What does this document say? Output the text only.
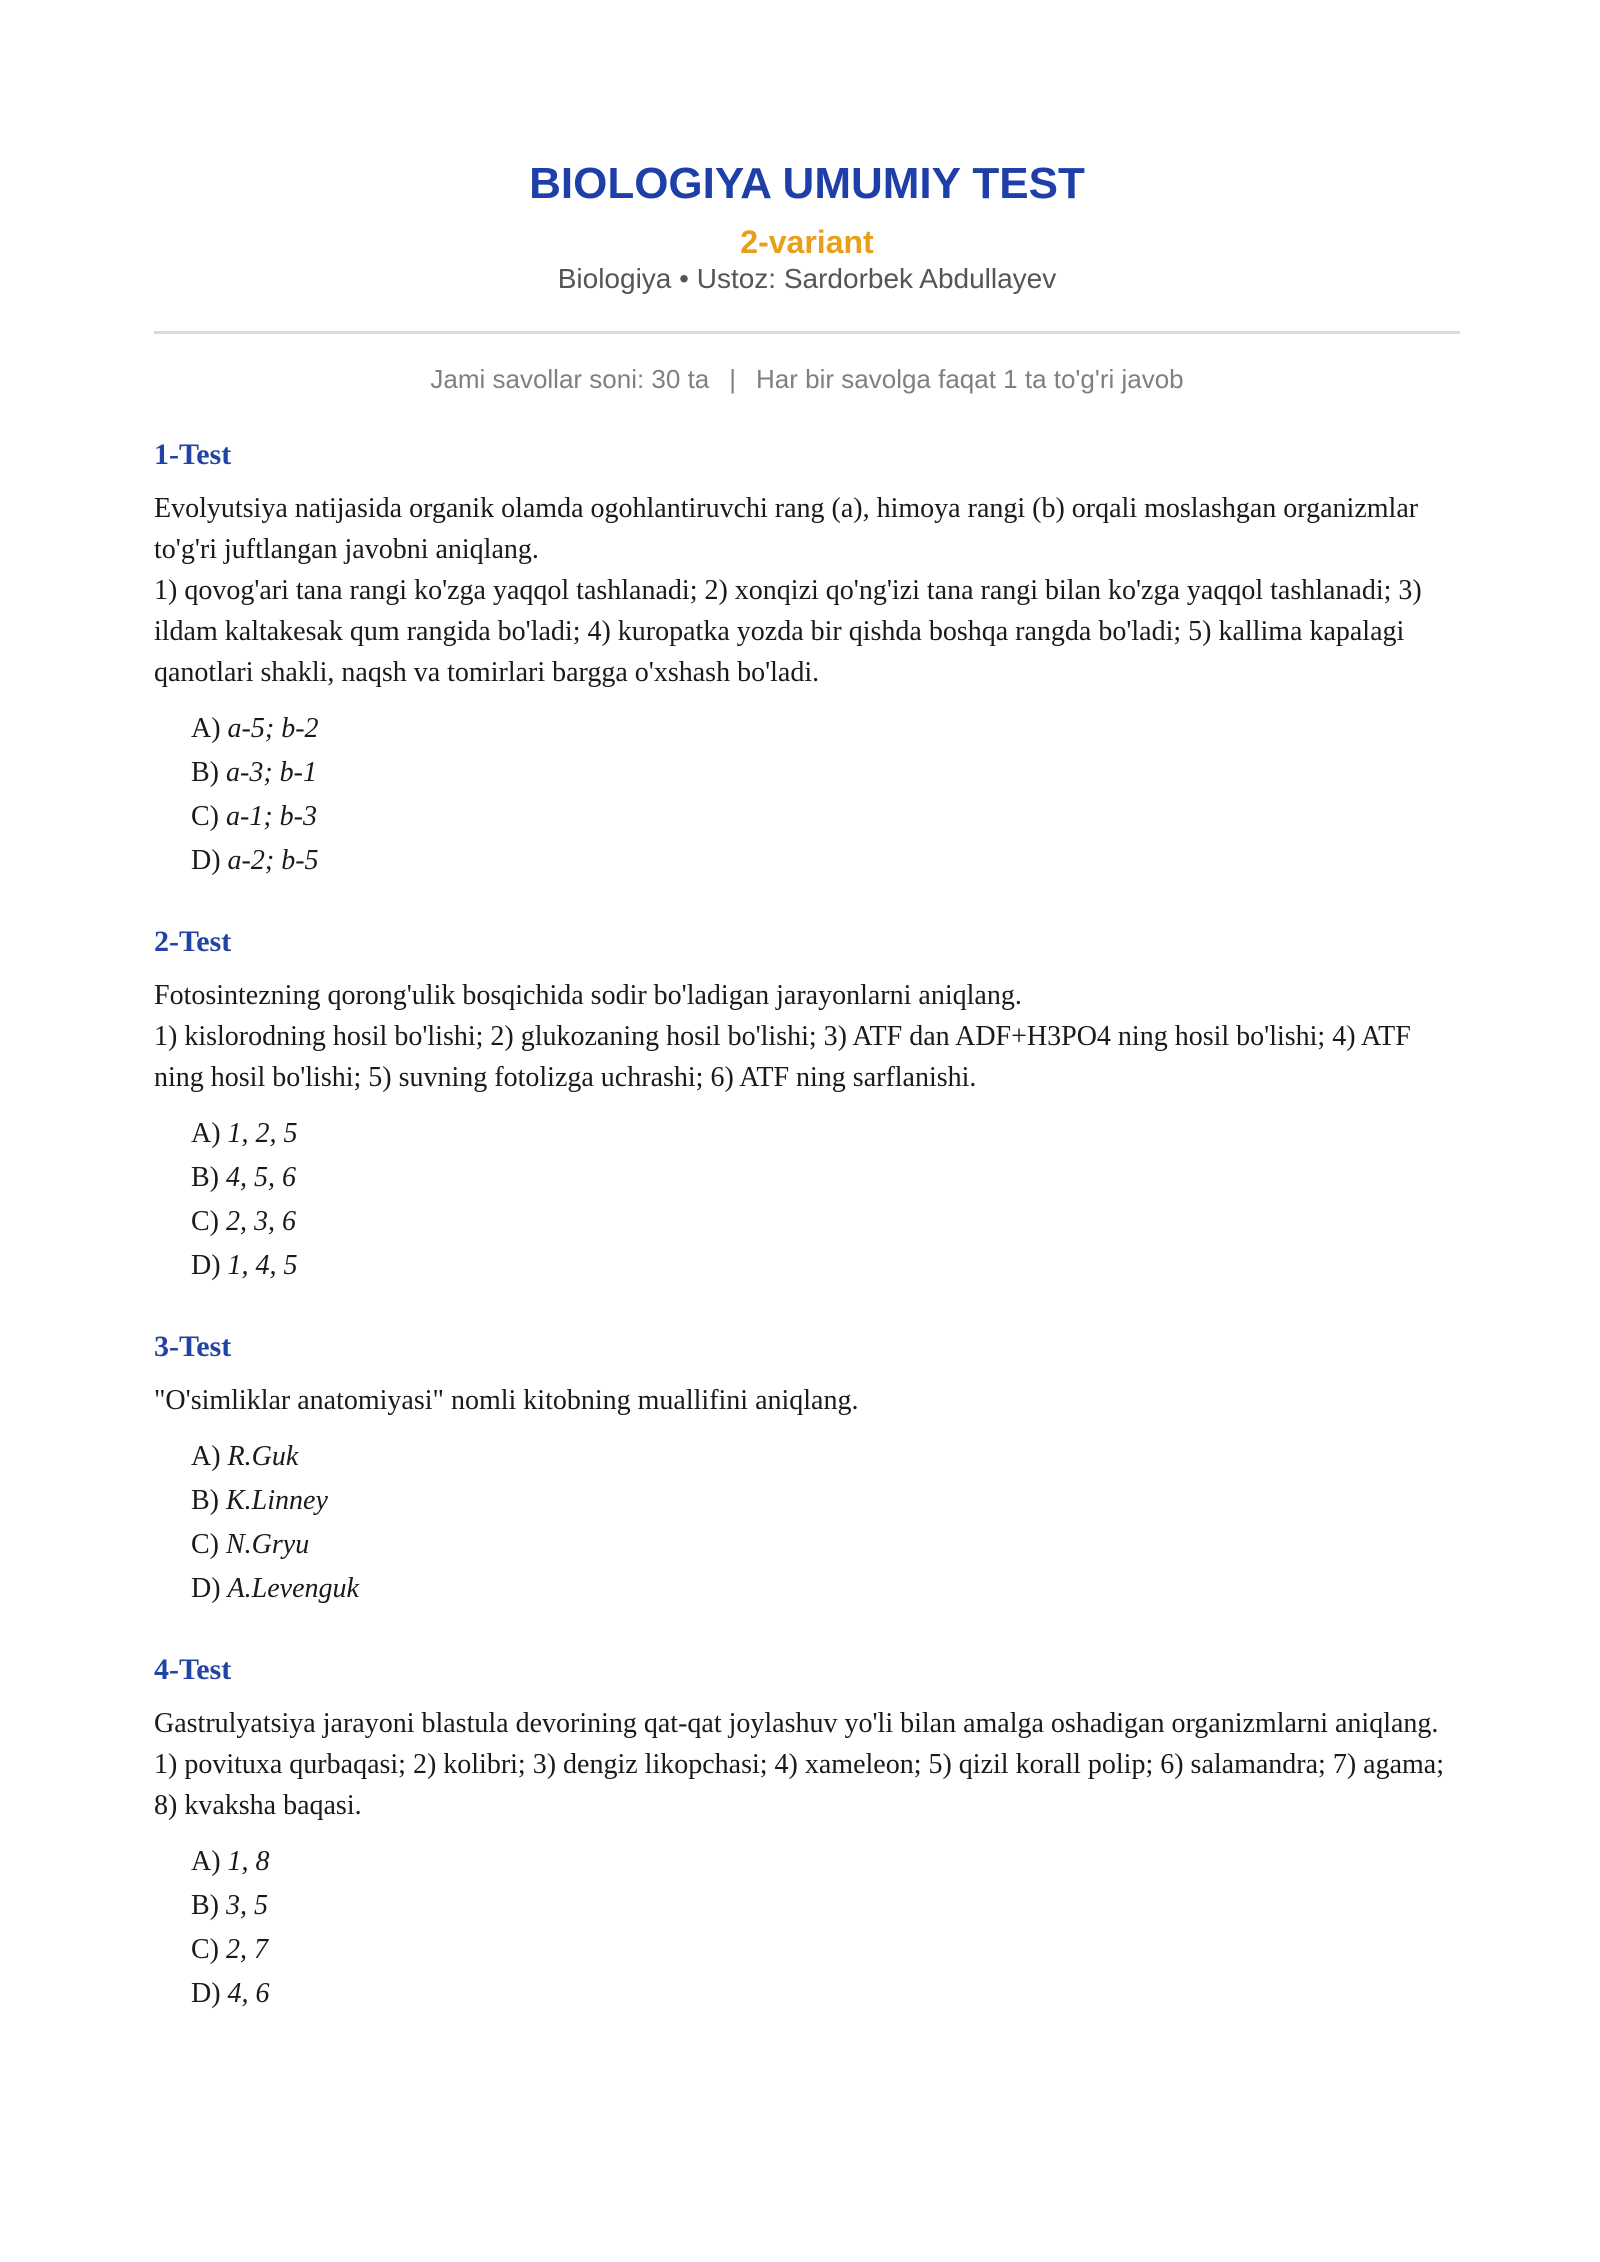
BIOLOGIYA UMUMIY TEST
2-variant
Biologiya • Ustoz: Sardorbek Abdullayev
Jami savollar soni: 30 ta | Har bir savolga faqat 1 ta to'g'ri javob
1-Test
Evolyutsiya natijasida organik olamda ogohlantiruvchi rang (a), himoya rangi (b) orqali moslashgan organizmlar to'g'ri juftlangan javobni aniqlang.
1) qovog'ari tana rangi ko'zga yaqqol tashlanadi; 2) xonqizi qo'ng'izi tana rangi bilan ko'zga yaqqol tashlanadi; 3) ildam kaltakesak qum rangida bo'ladi; 4) kuropatka yozda bir qishda boshqa rangda bo'ladi; 5) kallima kapalagi qanotlari shakli, naqsh va tomirlari bargga o'xshash bo'ladi.
A) a-5; b-2
B) a-3; b-1
C) a-1; b-3
D) a-2; b-5
2-Test
Fotosintezning qorong'ulik bosqichida sodir bo'ladigan jarayonlarni aniqlang.
1) kislorodning hosil bo'lishi; 2) glukozaning hosil bo'lishi; 3) ATF dan ADF+H3PO4 ning hosil bo'lishi; 4) ATF ning hosil bo'lishi; 5) suvning fotolizga uchrashi; 6) ATF ning sarflanishi.
A) 1, 2, 5
B) 4, 5, 6
C) 2, 3, 6
D) 1, 4, 5
3-Test
"O'simliklar anatomiyasi" nomli kitobning muallifini aniqlang.
A) R.Guk
B) K.Linney
C) N.Gryu
D) A.Levenguk
4-Test
Gastrulyatsiya jarayoni blastula devorining qat-qat joylashuv yo'li bilan amalga oshadigan organizmlarni aniqlang.
1) povituxa qurbaqasi; 2) kolibri; 3) dengiz likopchasi; 4) xameleon; 5) qizil korall polip; 6) salamandra; 7) agama; 8) kvaksha baqasi.
A) 1, 8
B) 3, 5
C) 2, 7
D) 4, 6
